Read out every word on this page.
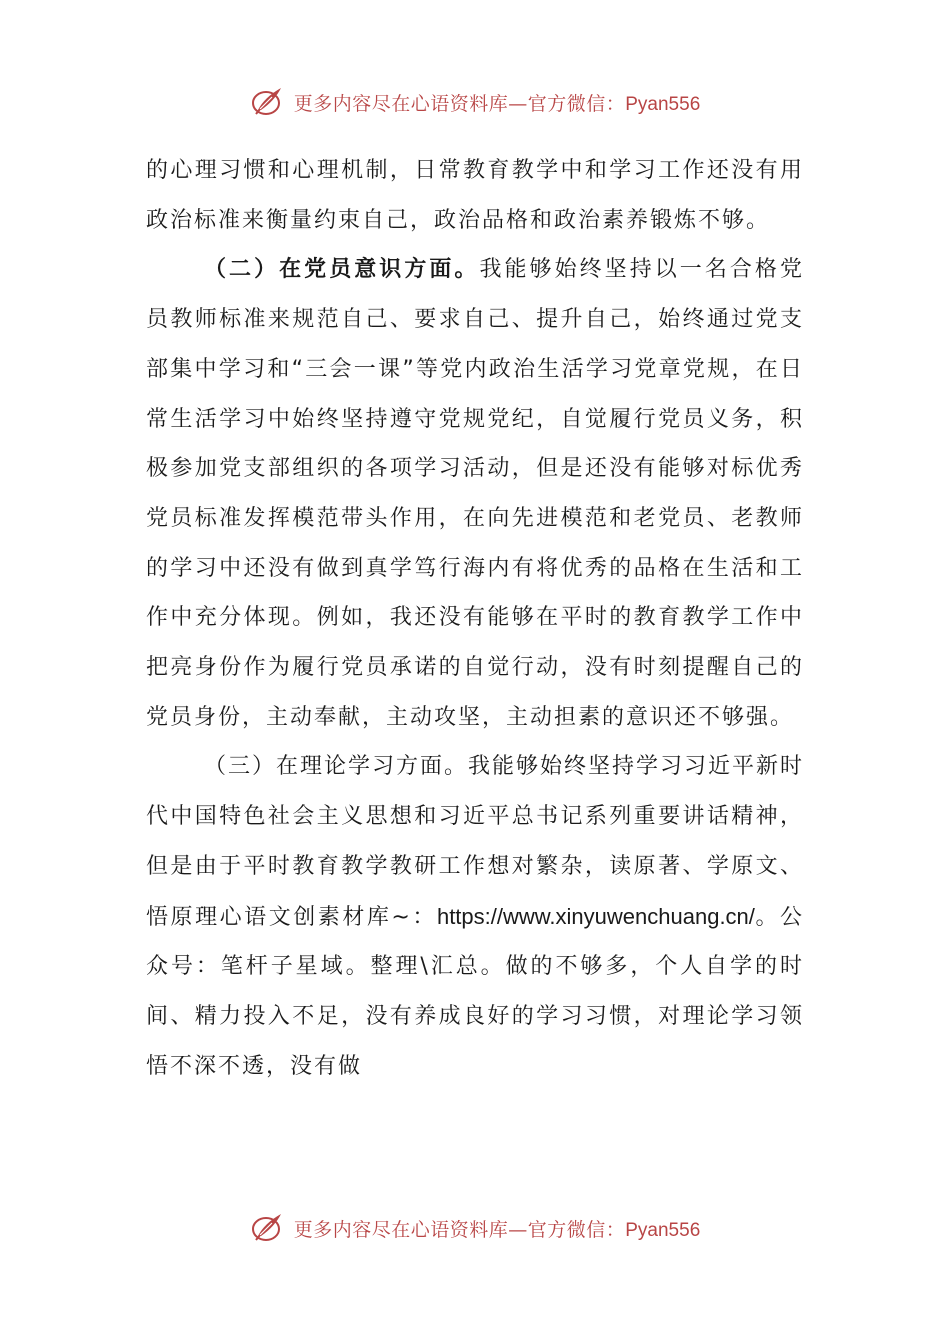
更多内容尽在心语资料库—官方微信：Pyan556

的心理习惯和心理机制，日常教育教学中和学习工作还没有用政治标准来衡量约束自己，政治品格和政治素养锻炼不够。

（二）在党员意识方面。我能够始终坚持以一名合格党员教师标准来规范自己、要求自己、提升自己，始终通过党支部集中学习和“三会一课”等党内政治生活学习党章党规，在日常生活学习中始终坚持遵守党规党纪，自觉履行党员义务，积极参加党支部组织的各项学习活动，但是还没有能够对标优秀党员标准发挥模范带头作用，在向先进模范和老党员、老教师的学习中还没有做到真学笃行海内有将优秀的品格在生活和工作中充分体现。例如，我还没有能够在平时的教育教学工作中把亮身份作为履行党员承诺的自觉行动，没有时刻提醒自己的党员身份，主动奉献，主动攻坚，主动担素的意识还不够强。

（三）在理论学习方面。我能够始终坚持学习习近平新时代中国特色社会主义思想和习近平总书记系列重要讲话精神，但是由于平时教育教学教研工作想对繁杂，读原著、学原文、悟原理心语文创素材库~：https://www.xinyuwenchuang.cn/。公众号：笔杆子星域。整理\汇总。做的不够多，个人自学的时间、精力投入不足，没有养成良好的学习习惯，对理论学习领悟不深不透，没有做

更多内容尽在心语资料库—官方微信：Pyan556
